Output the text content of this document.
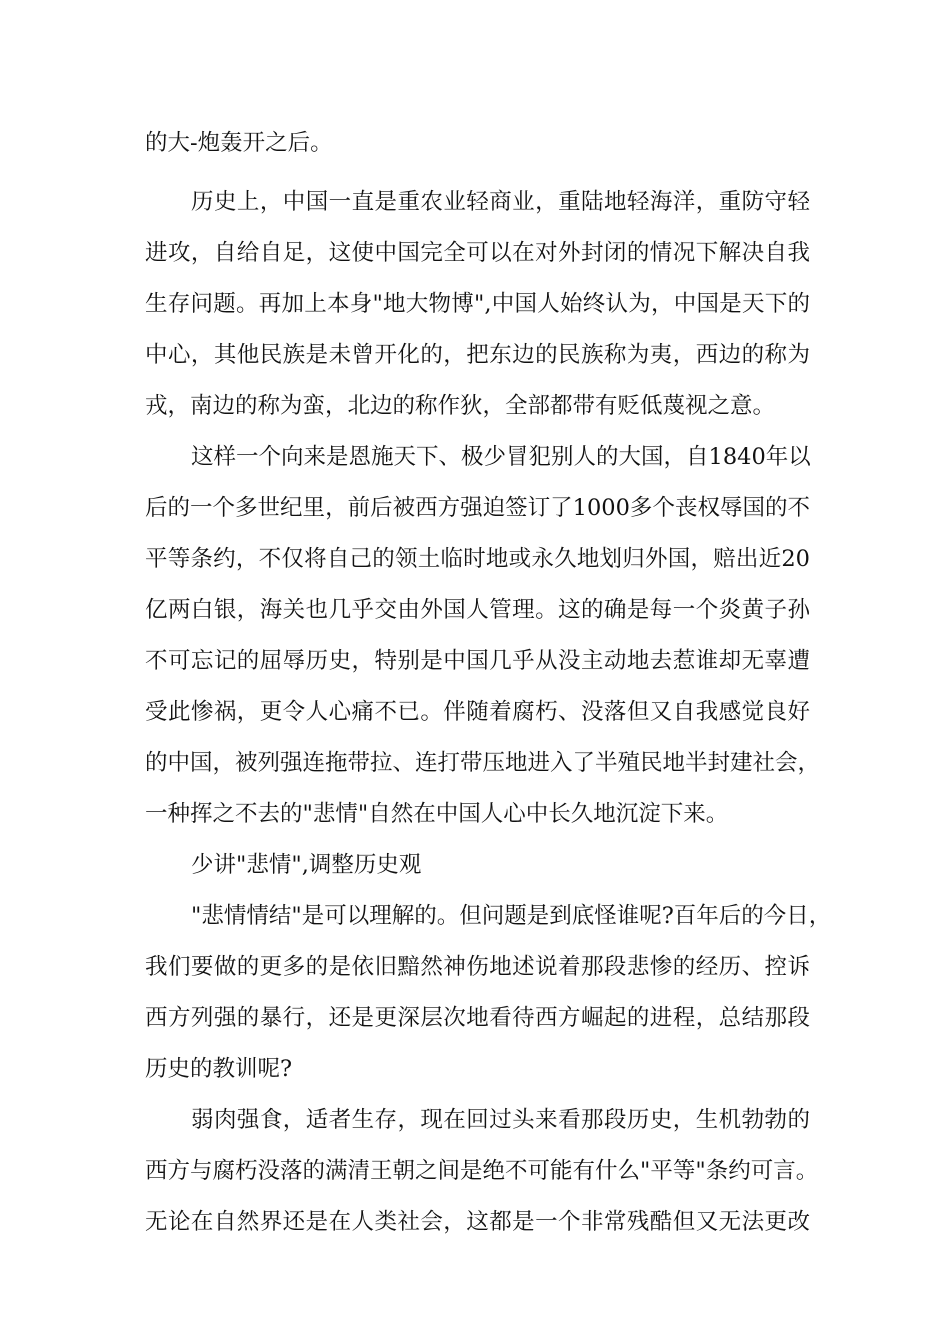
的大-炮轰开之后。
历史上，中国一直是重农业轻商业，重陆地轻海洋，重防守轻
进攻，自给自足，这使中国完全可以在对外封闭的情况下解决自我
生存问题。再加上本身"地大物博",中国人始终认为，中国是天下的
中心，其他民族是未曾开化的，把东边的民族称为夷，西边的称为
戎，南边的称为蛮，北边的称作狄，全部都带有贬低蔑视之意。
这样一个向来是恩施天下、极少冒犯别人的大国，自1840年以
后的一个多世纪里，前后被西方强迫签订了1000多个丧权辱国的不
平等条约，不仅将自己的领土临时地或永久地划归外国，赔出近20
亿两白银，海关也几乎交由外国人管理。这的确是每一个炎黄子孙
不可忘记的屈辱历史，特别是中国几乎从没主动地去惹谁却无辜遭
受此惨祸，更令人心痛不已。伴随着腐朽、没落但又自我感觉良好
的中国，被列强连拖带拉、连打带压地进入了半殖民地半封建社会，
一种挥之不去的"悲情"自然在中国人心中长久地沉淀下来。
少讲"悲情",调整历史观
"悲情情结"是可以理解的。但问题是到底怪谁呢?百年后的今日，
我们要做的更多的是依旧黯然神伤地述说着那段悲惨的经历、控诉
西方列强的暴行，还是更深层次地看待西方崛起的进程，总结那段
历史的教训呢?
弱肉强食，适者生存，现在回过头来看那段历史，生机勃勃的
西方与腐朽没落的满清王朝之间是绝不可能有什么"平等"条约可言。
无论在自然界还是在人类社会，这都是一个非常残酷但又无法更改
